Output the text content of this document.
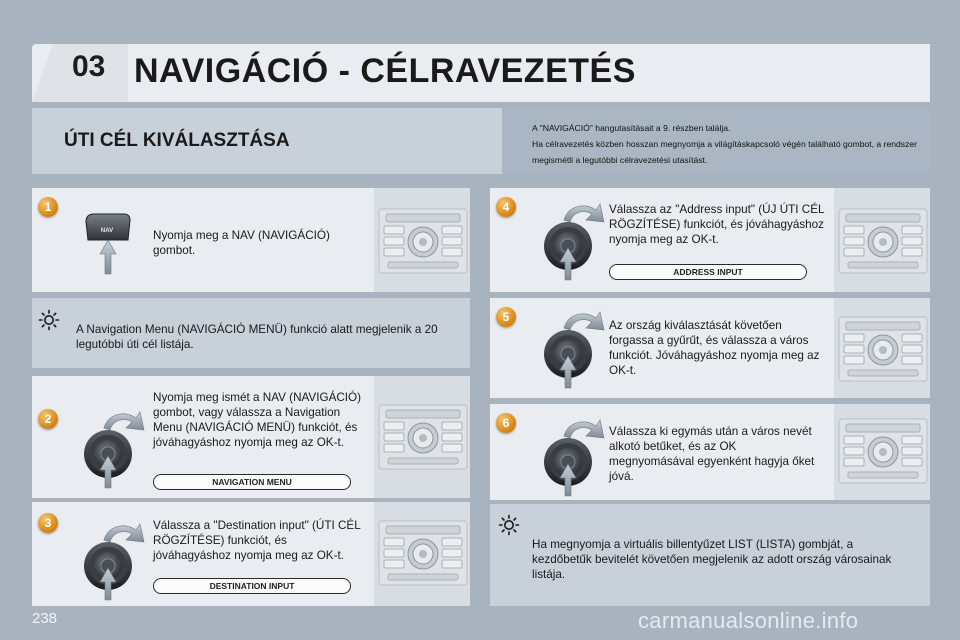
03 NAVIGÁCIÓ - CÉLRAVEZETÉS
ÚTI CÉL KIVÁLASZTÁSA

A "NAVIGÁCIÓ" hangutasításait a 9. részben találja.

Ha célravezetés közben hosszan megnyomja a világításkapcsoló végén található gombot, a rendszer megismétli a legutóbbi célravezetési utasítást.

1
NAV	Nyomja meg a NAV (NAVIGÁCIÓ) gombot.
A Navigation Menu (NAVIGÁCIÓ MENÜ) funkció alatt megjelenik a 20 legutóbbi úti cél listája.
2
Nyomja meg ismét a NAV (NAVIGÁCIÓ) gombot, vagy válassza a Navigation Menu (NAVIGÁCIÓ MENÜ) funkciót, és jóváhagyáshoz nyomja meg az OK-t.
NAVIGATION MENU
3	Válassza a "Destination input" (ÚTI CÉL RÖGZÍTÉSE) funkciót, és jóváhagyáshoz nyomja meg az OK-t.
DESTINATION INPUT
4	Válassza az "Address input" (ÚJ ÚTI CÉL RÖGZÍTÉSE) funkciót, és jóváhagyáshoz nyomja meg az OK-t.
ADDRESS INPUT
5
Az ország kiválasztását követően forgassa a gyűrűt, és válassza a város funkciót. Jóváhagyáshoz nyomja meg az OK-t.
6
Válassza ki egymás után a város nevét alkotó betűket, és az OK megnyomásával egyenként hagyja őket jóvá.
Ha megnyomja a virtuális billentyűzet LIST (LISTA) gombját, a kezdőbetűk bevitelét követően megjelenik az adott ország városainak listája.
238	carmanualsonline.info
